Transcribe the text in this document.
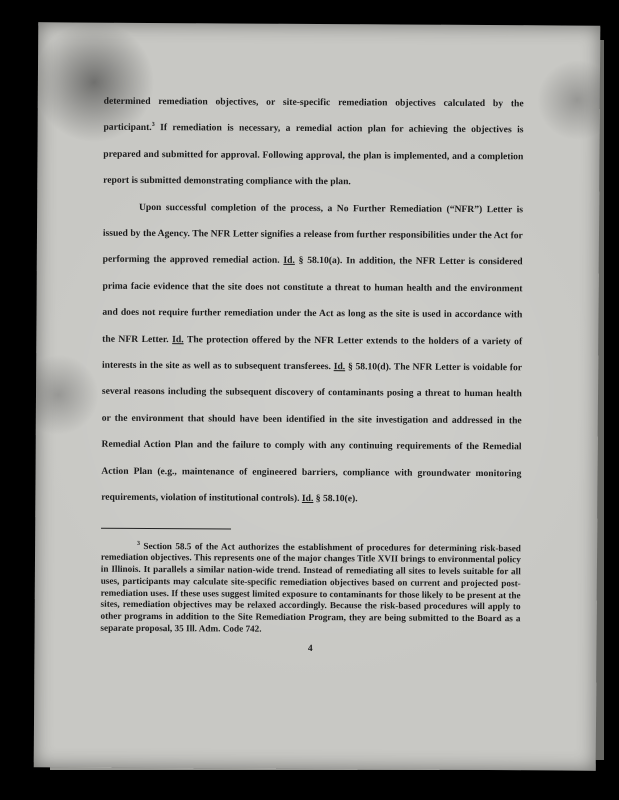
determined remediation objectives, or site-specific remediation objectives calculated by the participant.$^3$ If remediation is necessary, a remedial action plan for achieving the objectives is prepared and submitted for approval. Following approval, the plan is implemented, and a completion report is submitted demonstrating compliance with the plan.

Upon successful completion of the process, a No Further Remediation (“NFR”) Letter is issued by the Agency. The NFR Letter signifies a release from further responsibilities under the Act for performing the approved remedial action. Id. § 58.10(a). In addition, the NFR Letter is considered prima facie evidence that the site does not constitute a threat to human health and the environment and does not require further remediation under the Act as long as the site is used in accordance with the NFR Letter. Id. The protection offered by the NFR Letter extends to the holders of a variety of interests in the site as well as to subsequent transferees. Id. § 58.10(d). The NFR Letter is voidable for several reasons including the subsequent discovery of contaminants posing a threat to human health or the environment that should have been identified in the site investigation and addressed in the Remedial Action Plan and the failure to comply with any continuing requirements of the Remedial Action Plan (e.g., maintenance of engineered barriers, compliance with groundwater monitoring requirements, violation of institutional controls). Id. § 58.10(e).

$^3$ Section 58.5 of the Act authorizes the establishment of procedures for determining risk-based remediation objectives. This represents one of the major changes Title XVII brings to environmental policy in Illinois. It parallels a similar nation-wide trend. Instead of remediating all sites to levels suitable for all uses, participants may calculate site-specific remediation objectives based on current and projected post-remediation uses. If these uses suggest limited exposure to contaminants for those likely to be present at the sites, remediation objectives may be relaxed accordingly. Because the risk-based procedures will apply to other programs in addition to the Site Remediation Program, they are being submitted to the Board as a separate proposal, 35 Ill. Adm. Code 742.

4
